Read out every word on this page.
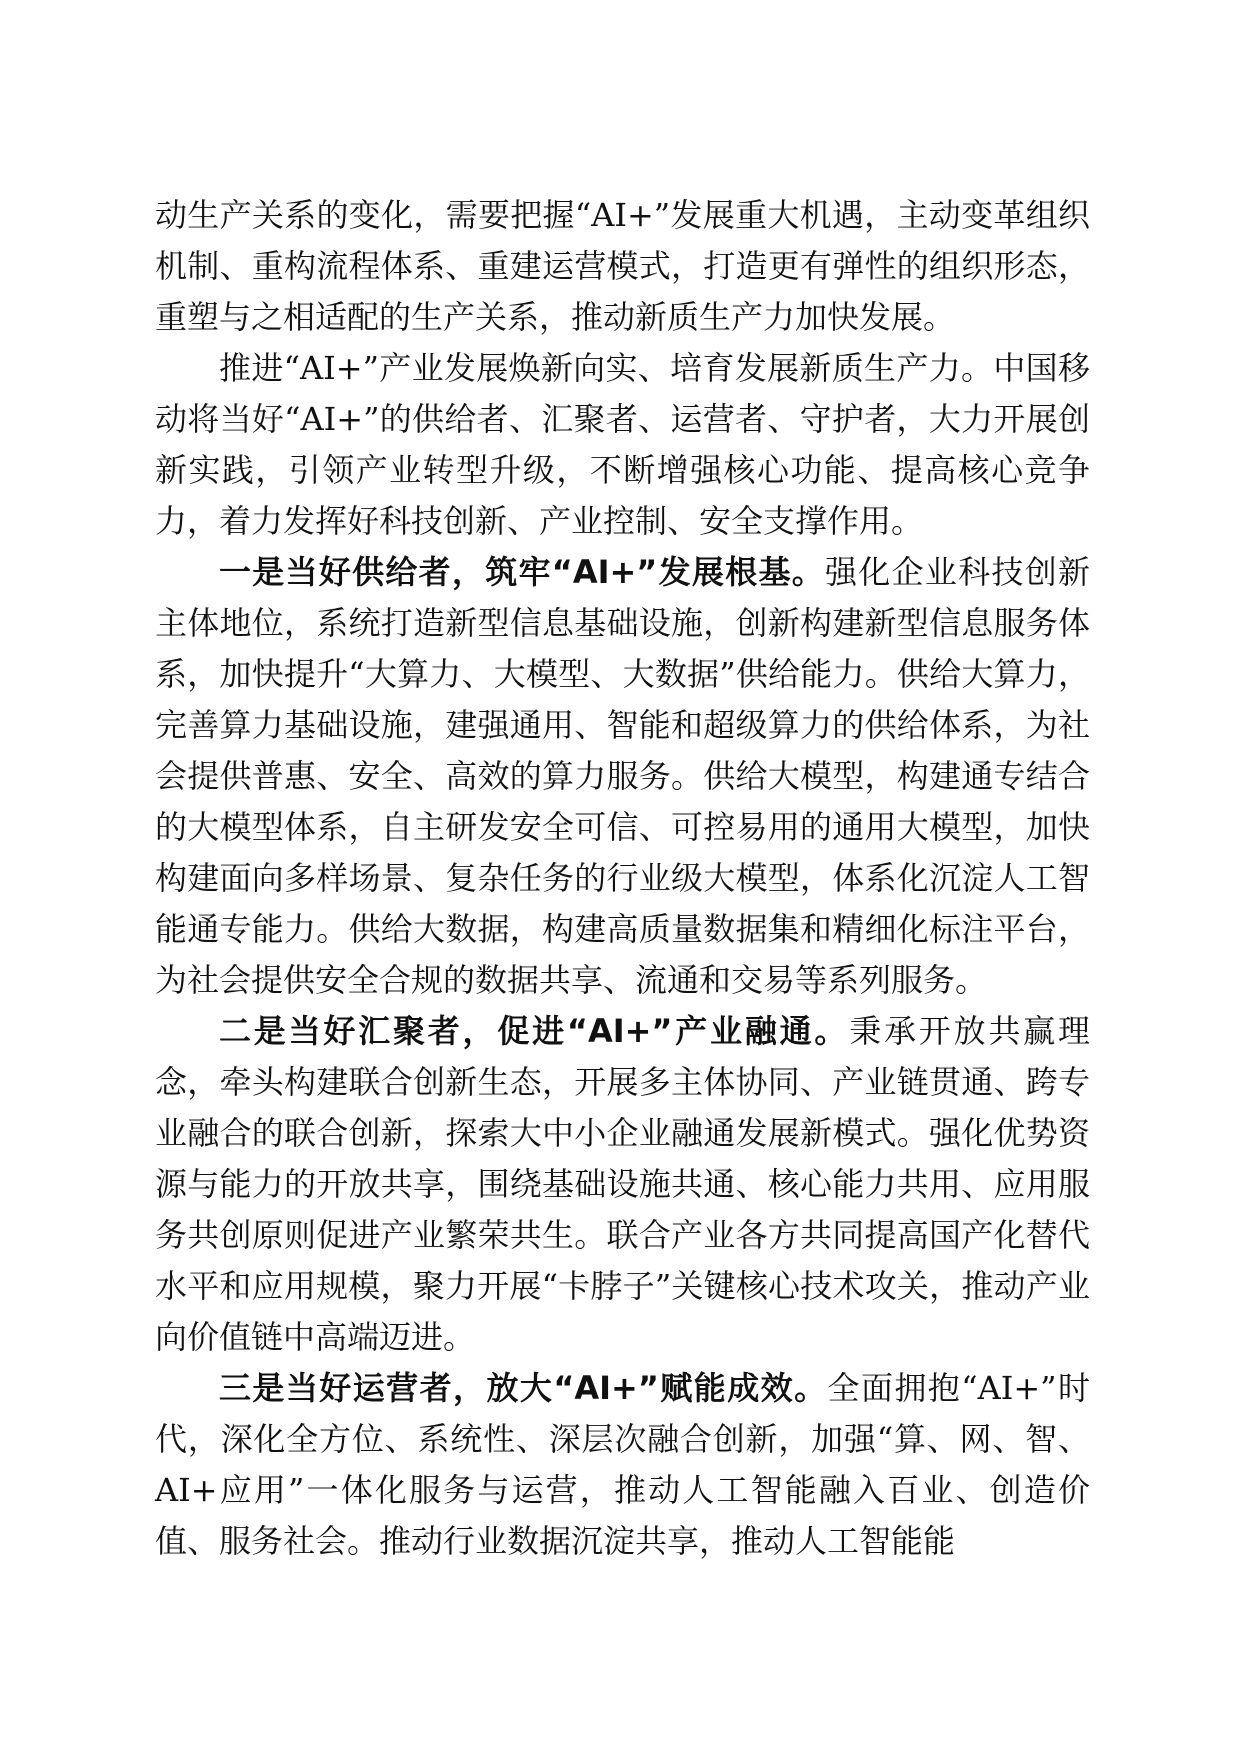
动生产关系的变化，需要把握“AI+”发展重大机遇，主动变革组织机制、重构流程体系、重建运营模式，打造更有弹性的组织形态，重塑与之相适配的生产关系，推动新质生产力加快发展。

推进“AI+”产业发展焕新向实、培育发展新质生产力。中国移动将当好“AI+”的供给者、汇聚者、运营者、守护者，大力开展创新实践，引领产业转型升级，不断增强核心功能、提高核心竞争力，着力发挥好科技创新、产业控制、安全支撑作用。

一是当好供给者，筑牢“AI+”发展根基。强化企业科技创新主体地位，系统打造新型信息基础设施，创新构建新型信息服务体系，加快提升“大算力、大模型、大数据”供给能力。供给大算力，完善算力基础设施，建强通用、智能和超级算力的供给体系，为社会提供普惠、安全、高效的算力服务。供给大模型，构建通专结合的大模型体系，自主研发安全可信、可控易用的通用大模型，加快构建面向多样场景、复杂任务的行业级大模型，体系化沉淀人工智能通专能力。供给大数据，构建高质量数据集和精细化标注平台，为社会提供安全合规的数据共享、流通和交易等系列服务。

二是当好汇聚者，促进“AI+”产业融通。秉承开放共赢理念，牵头构建联合创新生态，开展多主体协同、产业链贯通、跨专业融合的联合创新，探索大中小企业融通发展新模式。强化优势资源与能力的开放共享，围绕基础设施共通、核心能力共用、应用服务共创原则促进产业繁荣共生。联合产业各方共同提高国产化替代水平和应用规模，聚力开展“卡脖子”关键核心技术攻关，推动产业向价值链中高端迈进。

三是当好运营者，放大“AI+”赋能成效。全面拥抱“AI+”时代，深化全方位、系统性、深层次融合创新，加强“算、网、智、AI+应用”一体化服务与运营，推动人工智能融入百业、创造价值、服务社会。推动行业数据沉淀共享，推动人工智能能
